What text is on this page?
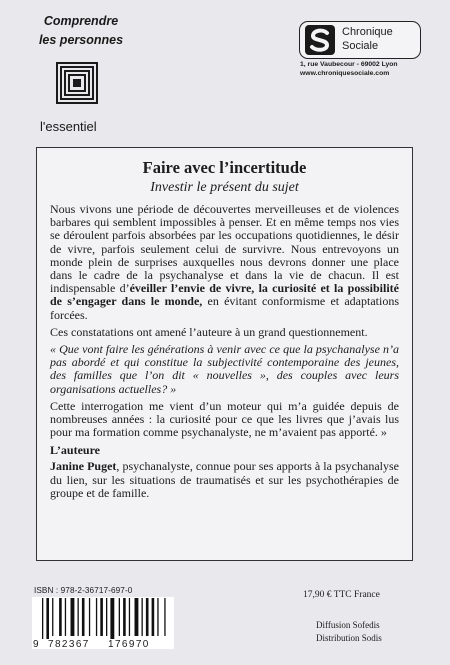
Comprendre
les personnes
l'essentiel
Chronique
Sociale
1, rue Vaubecour - 69002 Lyon
www.chroniquesociale.com
Faire avec l’incertitude
Investir le présent du sujet

Nous vivons une période de découvertes merveilleuses et de violences barbares qui semblent impossibles à penser. Et en même temps nos vies se déroulent parfois absorbées par les occupations quotidiennes, le désir de vivre, parfois seulement celui de survivre. Nous entrevoyons un monde plein de surprises auxquelles nous devrons donner une place dans le cadre de la psychanalyse et dans la vie de chacun. Il est indispensable d’éveiller l’envie de vivre, la curiosité et la possibilité de s’engager dans le monde, en évitant conformisme et adaptations forcées.

Ces constatations ont amené l’auteure à un grand questionnement.

« Que vont faire les générations à venir avec ce que la psychanalyse n’a pas abordé et qui constitue la subjectivité contemporaine des jeunes, des familles que l’on dit « nouvelles », des couples avec leurs organisations actuelles? »

Cette interrogation me vient d’un moteur qui m’a guidée depuis de nombreuses années : la curiosité pour ce que les livres que j’avais lus pour ma formation comme psychanalyste, ne m’avaient pas apporté. »

L’auteure

Janine Puget, psychanalyste, connue pour ses apports à la psychanalyse du lien, sur les situations de traumatisés et sur les psychothérapies de groupe et de famille.

ISBN : 978-2-36717-697-0
9 782367 176970
17,90 € TTC France
Diffusion Sofedis
Distribution Sodis
